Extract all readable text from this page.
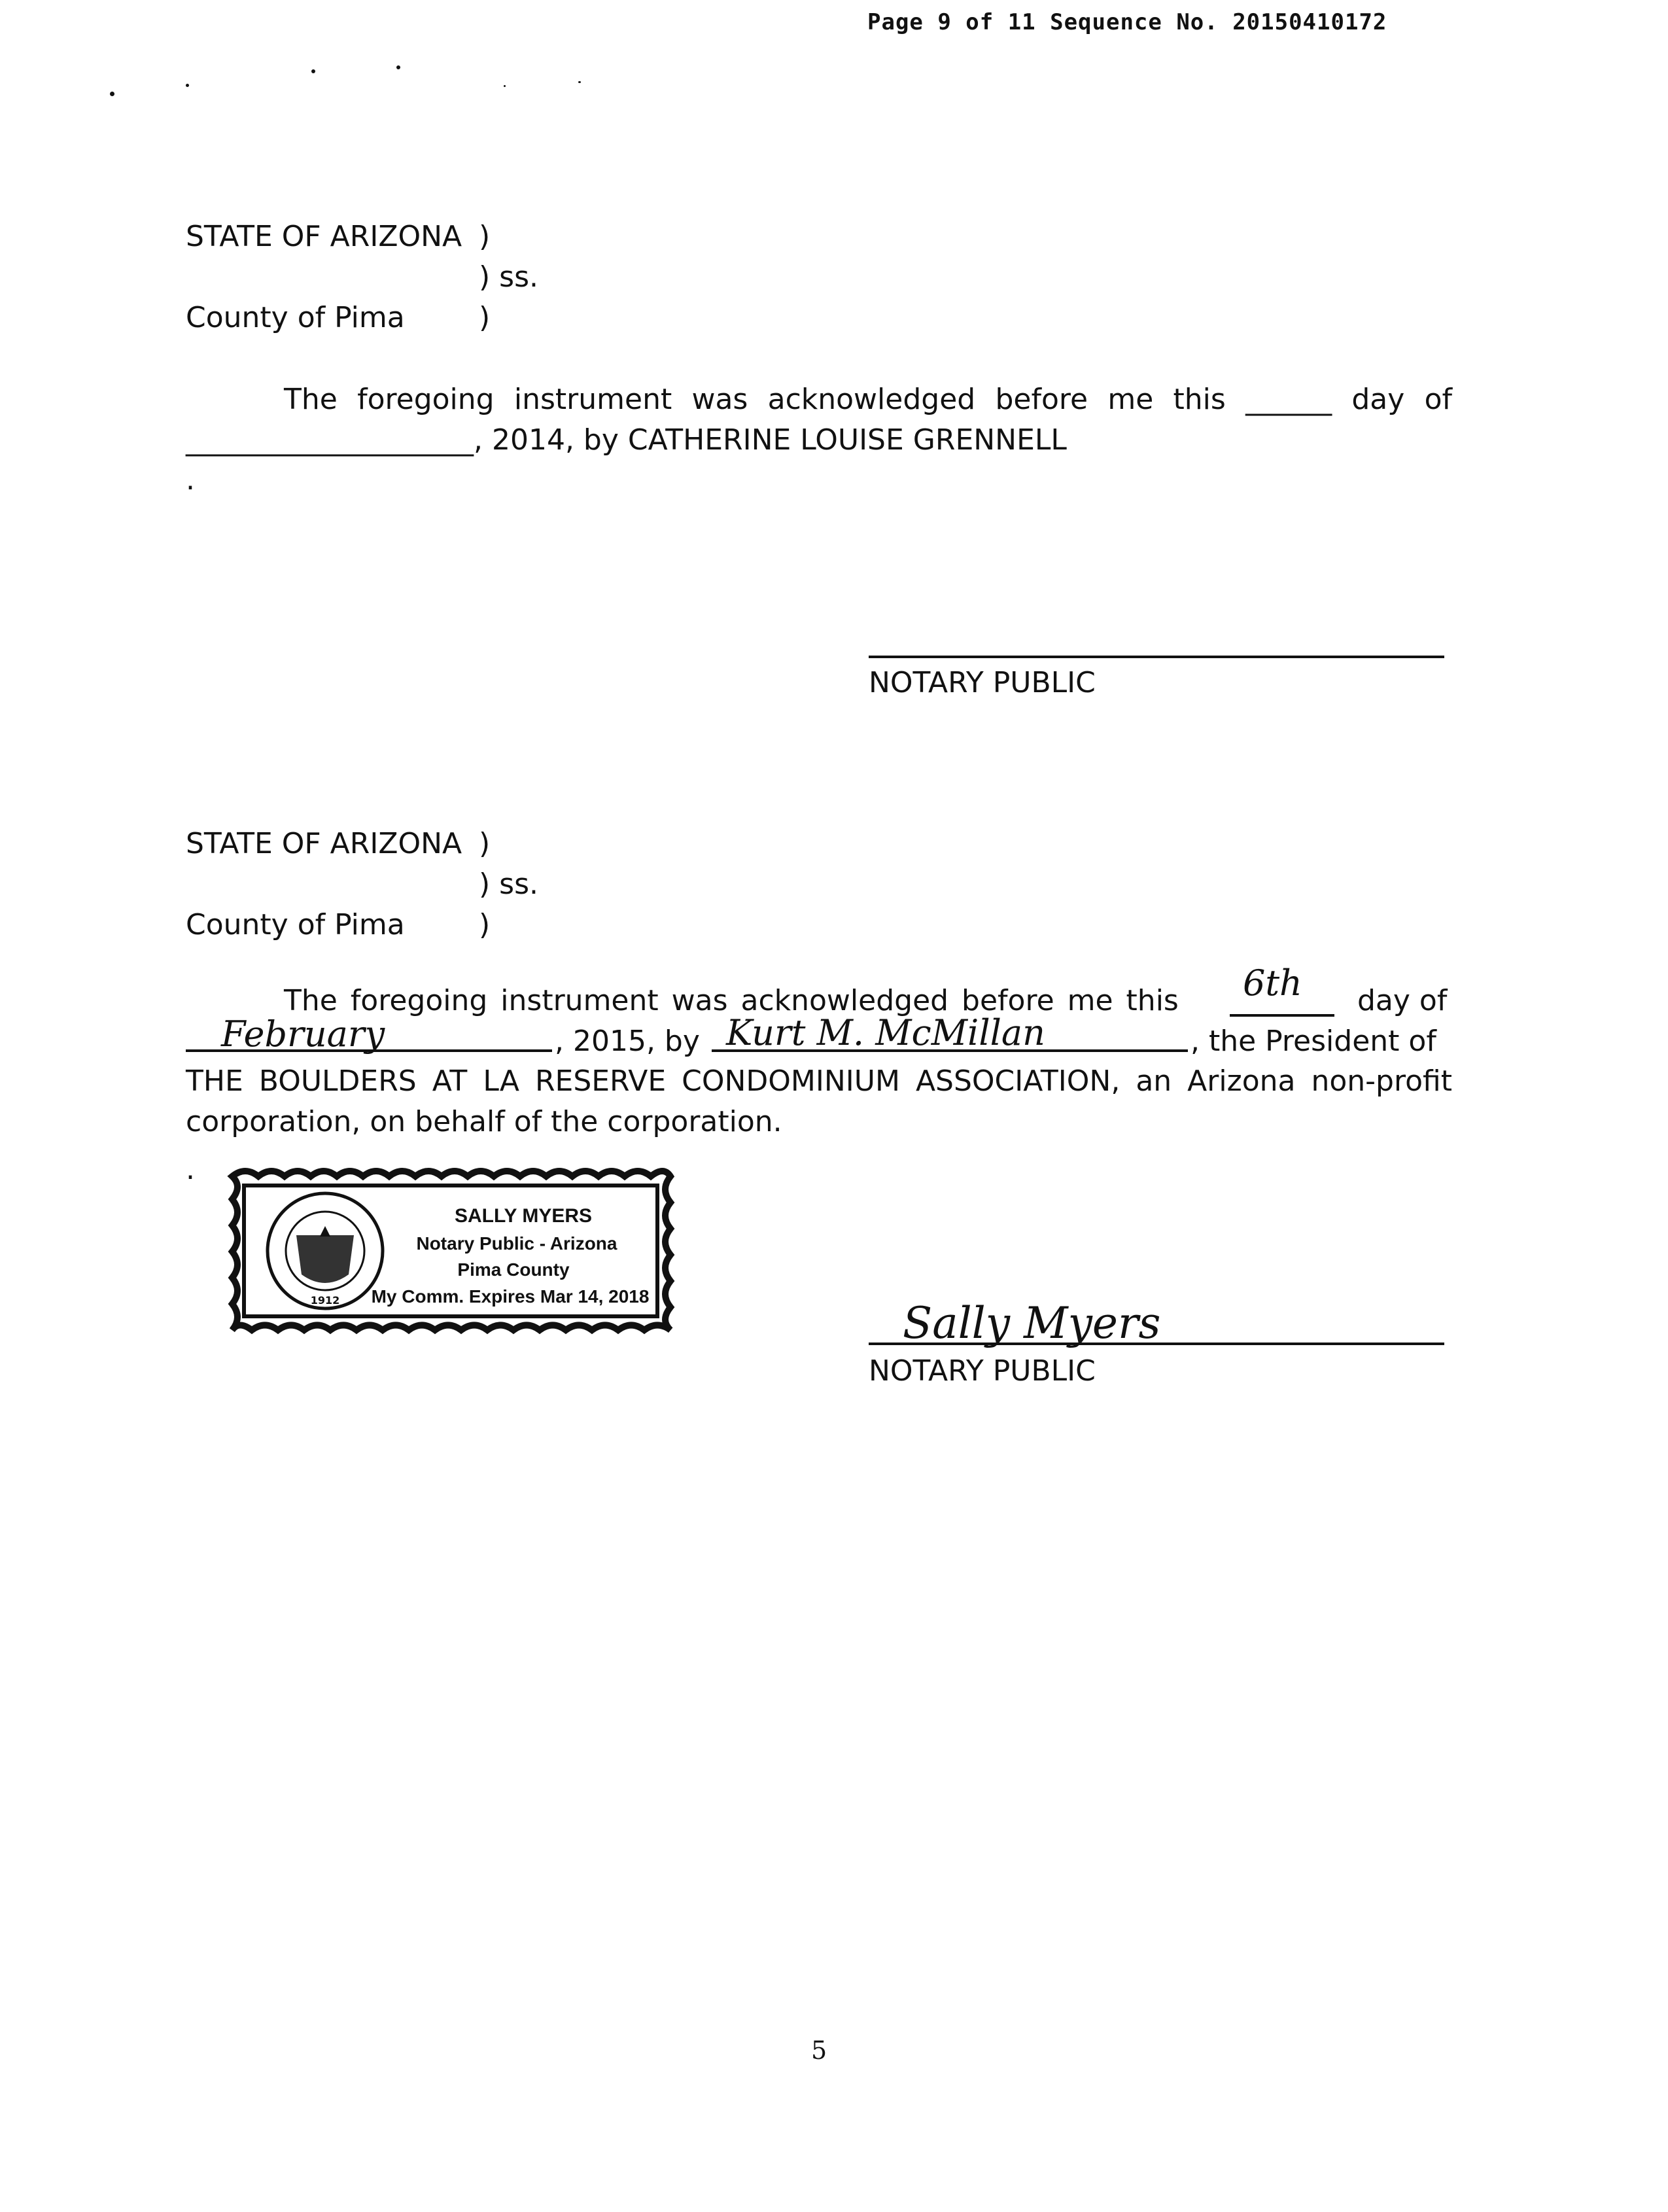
Page 9 of 11 Sequence No. 20150410172
STATE OF ARIZONA )
) ss.
County of Pima	)
The foregoing instrument was acknowledged before me this ______ day of
____________________, 2014, by CATHERINE LOUISE GRENNELL
.
NOTARY PUBLIC
STATE OF ARIZONA )
) ss.
County of Pima	)
The foregoing instrument was acknowledged before me this 6th day of
February	, 2015, by Kurt M. McMillan	, the President of
THE BOULDERS AT LA RESERVE CONDOMINIUM ASSOCIATION, an Arizona non-profit
corporation, on behalf of the corporation.
.
1912
SALLY MYERS
Notary Public - Arizona
Pima County
My Comm. Expires Mar 14, 2018
Sally Myers
NOTARY PUBLIC
5
